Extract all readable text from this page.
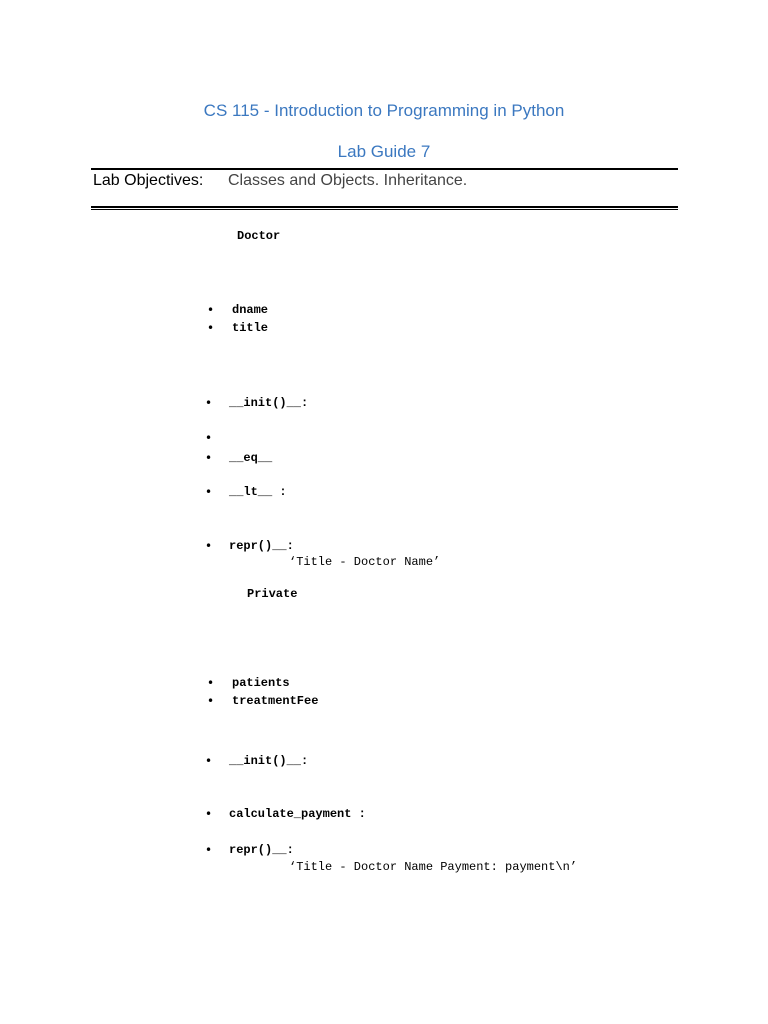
CS 115 - Introduction to Programming in Python
Lab Guide 7
Lab Objectives: Classes and Objects. Inheritance.
Doctor
• dname
• title
• __init()__:
•
• __eq__
• __lt__ :
• repr()__:
‘Title - Doctor Name’
Private
• patients
• treatmentFee
• __init()__:
• calculate_payment :
• repr()__:
‘Title - Doctor Name Payment: payment\n’
